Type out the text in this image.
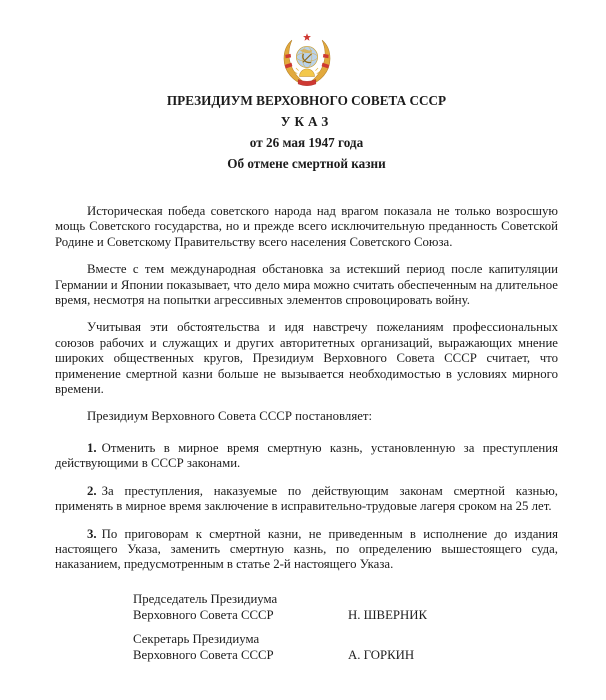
ПРЕЗИДИУМ ВЕРХОВНОГО СОВЕТА СССР
УКАЗ
от 26 мая 1947 года
Об отмене смертной казни

Историческая победа советского народа над врагом показала не только возросшую мощь Советского государства, но и прежде всего исключительную преданность Советской Родине и Советскому Правительству всего населения Советского Союза.

Вместе с тем международная обстановка за истекший период после капитуляции Германии и Японии показывает, что дело мира можно считать обеспеченным на длительное время, несмотря на попытки агрессивных элементов спровоцировать войну.

Учитывая эти обстоятельства и идя навстречу пожеланиям профессиональных союзов рабочих и служащих и других авторитетных организаций, выражающих мнение широких общественных кругов, Президиум Верховного Совета СССР считает, что применение смертной казни больше не вызывается необходимостью в условиях мирного времени.

Президиум Верховного Совета СССР постановляет:

1. Отменить в мирное время смертную казнь, установленную за преступления действующими в СССР законами.

2. За преступления, наказуемые по действующим законам смертной казнью, применять в мирное время заключение в исправительно-трудовые лагеря сроком на 25 лет.

3. По приговорам к смертной казни, не приведенным в исполнение до издания настоящего Указа, заменить смертную казнь, по определению вышестоящего суда, наказанием, предусмотренным в статье 2-й настоящего Указа.

Председатель Президиума
Верховного Совета СССР	Н. ШВЕРНИК
Секретарь Президиума
Верховного Совета СССР	А. ГОРКИН
